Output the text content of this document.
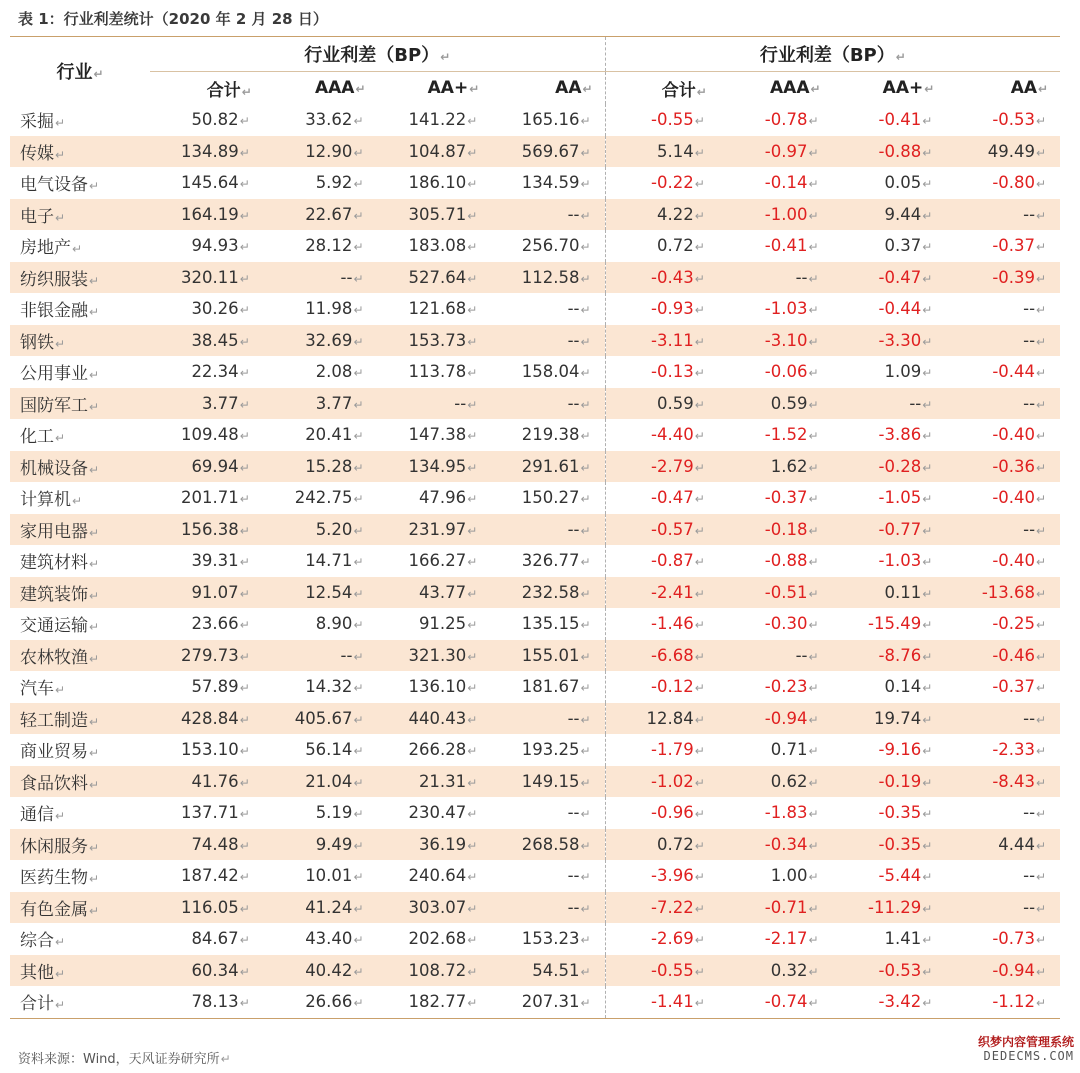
表 1：行业利差统计（2020 年 2 月 28 日）
行业↵	行业利差（BP）↵				行业利差（BP）↵			
	合计↵	AAA↵	AA+↵	AA↵	合计↵	AAA↵	AA+↵	AA↵
采掘↵	50.82↵	33.62↵	141.22↵	165.16↵	-0.55↵	-0.78↵	-0.41↵	-0.53↵
传媒↵	134.89↵	12.90↵	104.87↵	569.67↵	5.14↵	-0.97↵	-0.88↵	49.49↵
电气设备↵	145.64↵	5.92↵	186.10↵	134.59↵	-0.22↵	-0.14↵	0.05↵	-0.80↵
电子↵	164.19↵	22.67↵	305.71↵	--↵	4.22↵	-1.00↵	9.44↵	--↵
房地产↵	94.93↵	28.12↵	183.08↵	256.70↵	0.72↵	-0.41↵	0.37↵	-0.37↵
纺织服装↵	320.11↵	--↵	527.64↵	112.58↵	-0.43↵	--↵	-0.47↵	-0.39↵
非银金融↵	30.26↵	11.98↵	121.68↵	--↵	-0.93↵	-1.03↵	-0.44↵	--↵
钢铁↵	38.45↵	32.69↵	153.73↵	--↵	-3.11↵	-3.10↵	-3.30↵	--↵
公用事业↵	22.34↵	2.08↵	113.78↵	158.04↵	-0.13↵	-0.06↵	1.09↵	-0.44↵
国防军工↵	3.77↵	3.77↵	--↵	--↵	0.59↵	0.59↵	--↵	--↵
化工↵	109.48↵	20.41↵	147.38↵	219.38↵	-4.40↵	-1.52↵	-3.86↵	-0.40↵
机械设备↵	69.94↵	15.28↵	134.95↵	291.61↵	-2.79↵	1.62↵	-0.28↵	-0.36↵
计算机↵	201.71↵	242.75↵	47.96↵	150.27↵	-0.47↵	-0.37↵	-1.05↵	-0.40↵
家用电器↵	156.38↵	5.20↵	231.97↵	--↵	-0.57↵	-0.18↵	-0.77↵	--↵
建筑材料↵	39.31↵	14.71↵	166.27↵	326.77↵	-0.87↵	-0.88↵	-1.03↵	-0.40↵
建筑装饰↵	91.07↵	12.54↵	43.77↵	232.58↵	-2.41↵	-0.51↵	0.11↵	-13.68↵
交通运输↵	23.66↵	8.90↵	91.25↵	135.15↵	-1.46↵	-0.30↵	-15.49↵	-0.25↵
农林牧渔↵	279.73↵	--↵	321.30↵	155.01↵	-6.68↵	--↵	-8.76↵	-0.46↵
汽车↵	57.89↵	14.32↵	136.10↵	181.67↵	-0.12↵	-0.23↵	0.14↵	-0.37↵
轻工制造↵	428.84↵	405.67↵	440.43↵	--↵	12.84↵	-0.94↵	19.74↵	--↵
商业贸易↵	153.10↵	56.14↵	266.28↵	193.25↵	-1.79↵	0.71↵	-9.16↵	-2.33↵
食品饮料↵	41.76↵	21.04↵	21.31↵	149.15↵	-1.02↵	0.62↵	-0.19↵	-8.43↵
通信↵	137.71↵	5.19↵	230.47↵	--↵	-0.96↵	-1.83↵	-0.35↵	--↵
休闲服务↵	74.48↵	9.49↵	36.19↵	268.58↵	0.72↵	-0.34↵	-0.35↵	4.44↵
医药生物↵	187.42↵	10.01↵	240.64↵	--↵	-3.96↵	1.00↵	-5.44↵	--↵
有色金属↵	116.05↵	41.24↵	303.07↵	--↵	-7.22↵	-0.71↵	-11.29↵	--↵
综合↵	84.67↵	43.40↵	202.68↵	153.23↵	-2.69↵	-2.17↵	1.41↵	-0.73↵
其他↵	60.34↵	40.42↵	108.72↵	54.51↵	-0.55↵	0.32↵	-0.53↵	-0.94↵
合计↵	78.13↵	26.66↵	182.77↵	207.31↵	-1.41↵	-0.74↵	-3.42↵	-1.12↵
资料来源：Wind，天风证券研究所↵
织梦内容管理系统
DEDECMS.COM
